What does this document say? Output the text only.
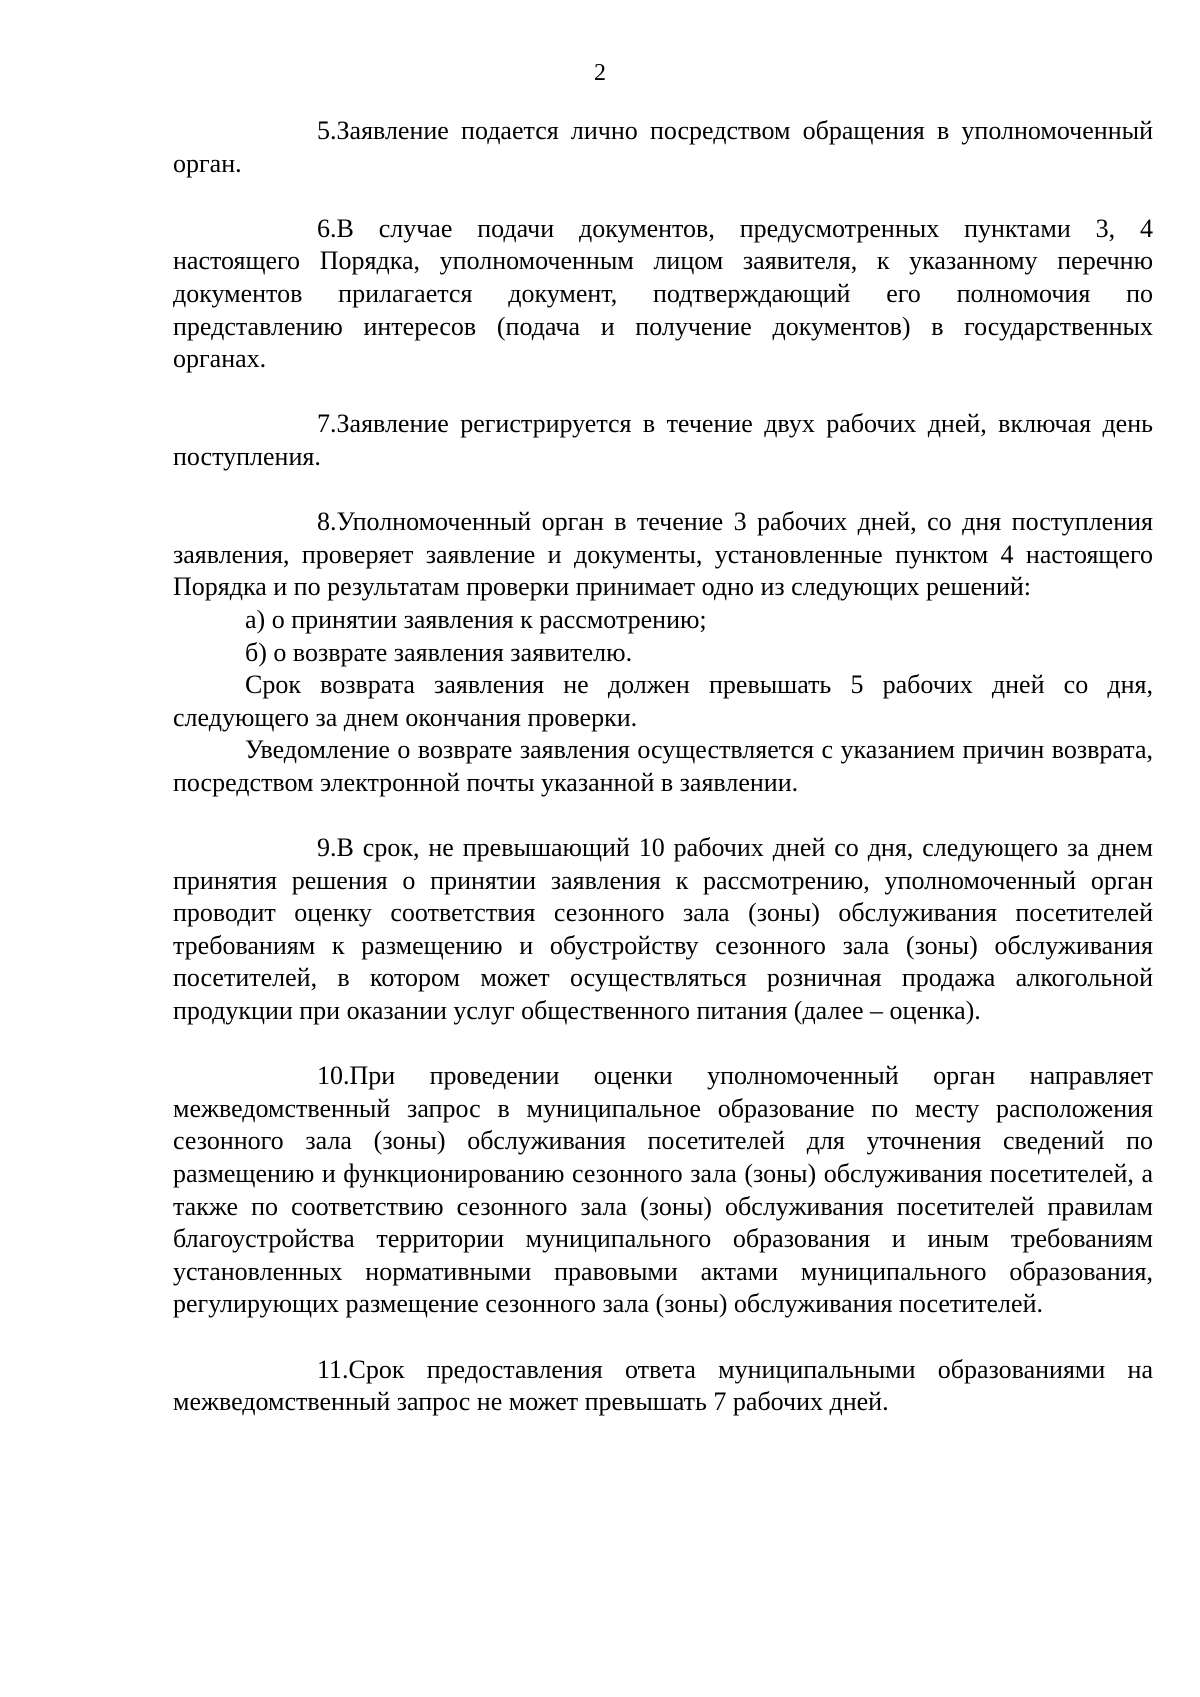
2

5.Заявление подается лично посредством обращения в уполномоченный орган.

6.В случае подачи документов, предусмотренных пунктами 3, 4 настоящего Порядка, уполномоченным лицом заявителя, к указанному перечню документов прилагается документ, подтверждающий его полномочия по представлению интересов (подача и получение документов) в государственных органах.

7.Заявление регистрируется в течение двух рабочих дней, включая день поступления.

8.Уполномоченный орган в течение 3 рабочих дней, со дня поступления заявления, проверяет заявление и документы, установленные пунктом 4 настоящего Порядка и по результатам проверки принимает одно из следующих решений:

а) о принятии заявления к рассмотрению;

б) о возврате заявления заявителю.

Срок возврата заявления не должен превышать 5 рабочих дней со дня, следующего за днем окончания проверки.

Уведомление о возврате заявления осуществляется с указанием причин возврата, посредством электронной почты указанной в заявлении.

9.В срок, не превышающий 10 рабочих дней со дня, следующего за днем принятия решения о принятии заявления к рассмотрению, уполномоченный орган проводит оценку соответствия сезонного зала (зоны) обслуживания посетителей требованиям к размещению и обустройству сезонного зала (зоны) обслуживания посетителей, в котором может осуществляться розничная продажа алкогольной продукции при оказании услуг общественного питания (далее – оценка).

10.При проведении оценки уполномоченный орган направляет межведомственный запрос в муниципальное образование по месту расположения сезонного зала (зоны) обслуживания посетителей для уточнения сведений по размещению и функционированию сезонного зала (зоны) обслуживания посетителей, а также по соответствию сезонного зала (зоны) обслуживания посетителей правилам благоустройства территории муниципального образования и иным требованиям установленных нормативными правовыми актами муниципального образования, регулирующих размещение сезонного зала (зоны) обслуживания посетителей.

11.Срок предоставления ответа муниципальными образованиями на межведомственный запрос не может превышать 7 рабочих дней.
